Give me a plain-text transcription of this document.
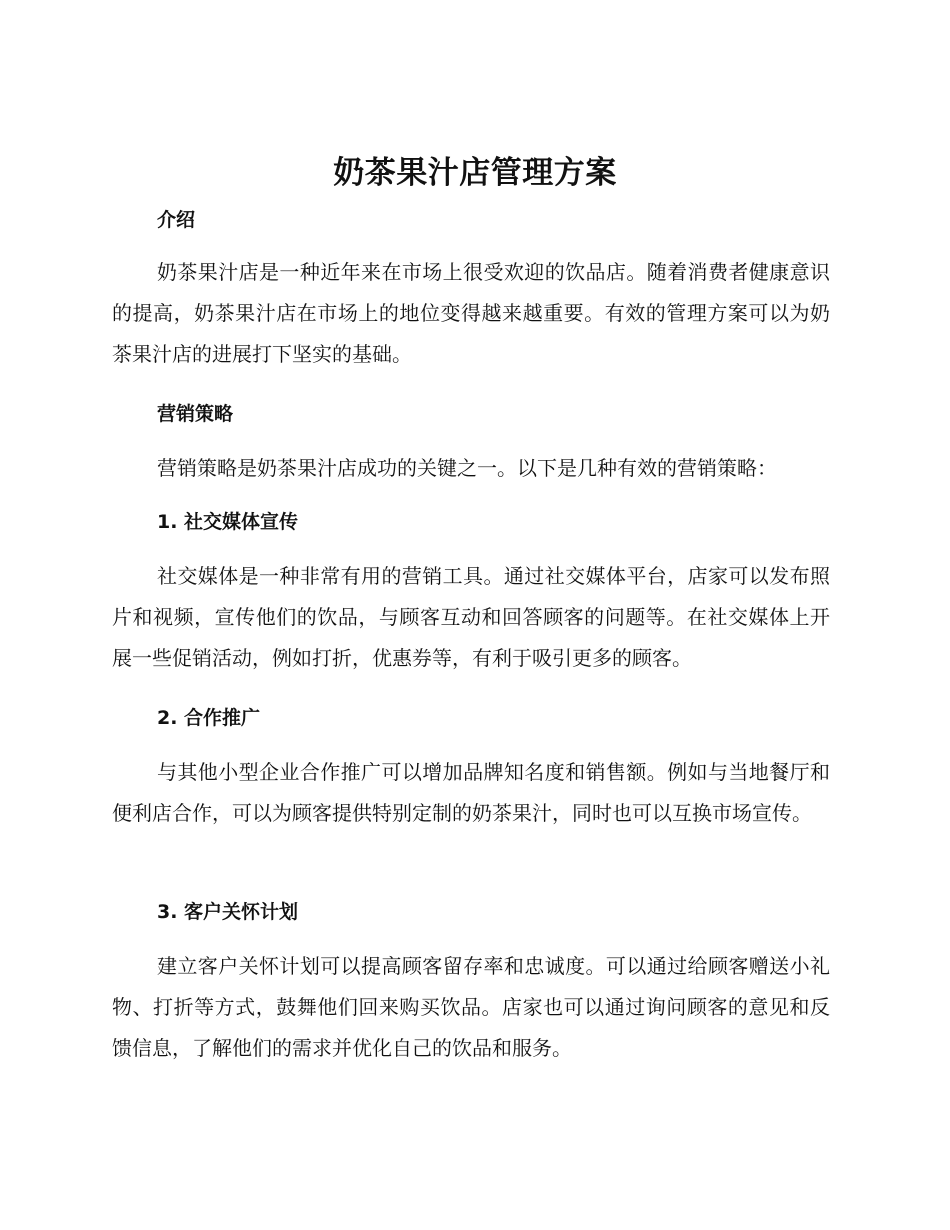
奶茶果汁店管理方案
介绍
奶茶果汁店是一种近年来在市场上很受欢迎的饮品店。随着消费者健康意识的提高，奶茶果汁店在市场上的地位变得越来越重要。有效的管理方案可以为奶茶果汁店的进展打下坚实的基础。
营销策略
营销策略是奶茶果汁店成功的关键之一。以下是几种有效的营销策略：
1. 社交媒体宣传
社交媒体是一种非常有用的营销工具。通过社交媒体平台，店家可以发布照片和视频，宣传他们的饮品，与顾客互动和回答顾客的问题等。在社交媒体上开展一些促销活动，例如打折，优惠券等，有利于吸引更多的顾客。
2. 合作推广
与其他小型企业合作推广可以增加品牌知名度和销售额。例如与当地餐厅和便利店合作，可以为顾客提供特别定制的奶茶果汁，同时也可以互换市场宣传。
3. 客户关怀计划
建立客户关怀计划可以提高顾客留存率和忠诚度。可以通过给顾客赠送小礼物、打折等方式，鼓舞他们回来购买饮品。店家也可以通过询问顾客的意见和反馈信息，了解他们的需求并优化自己的饮品和服务。
